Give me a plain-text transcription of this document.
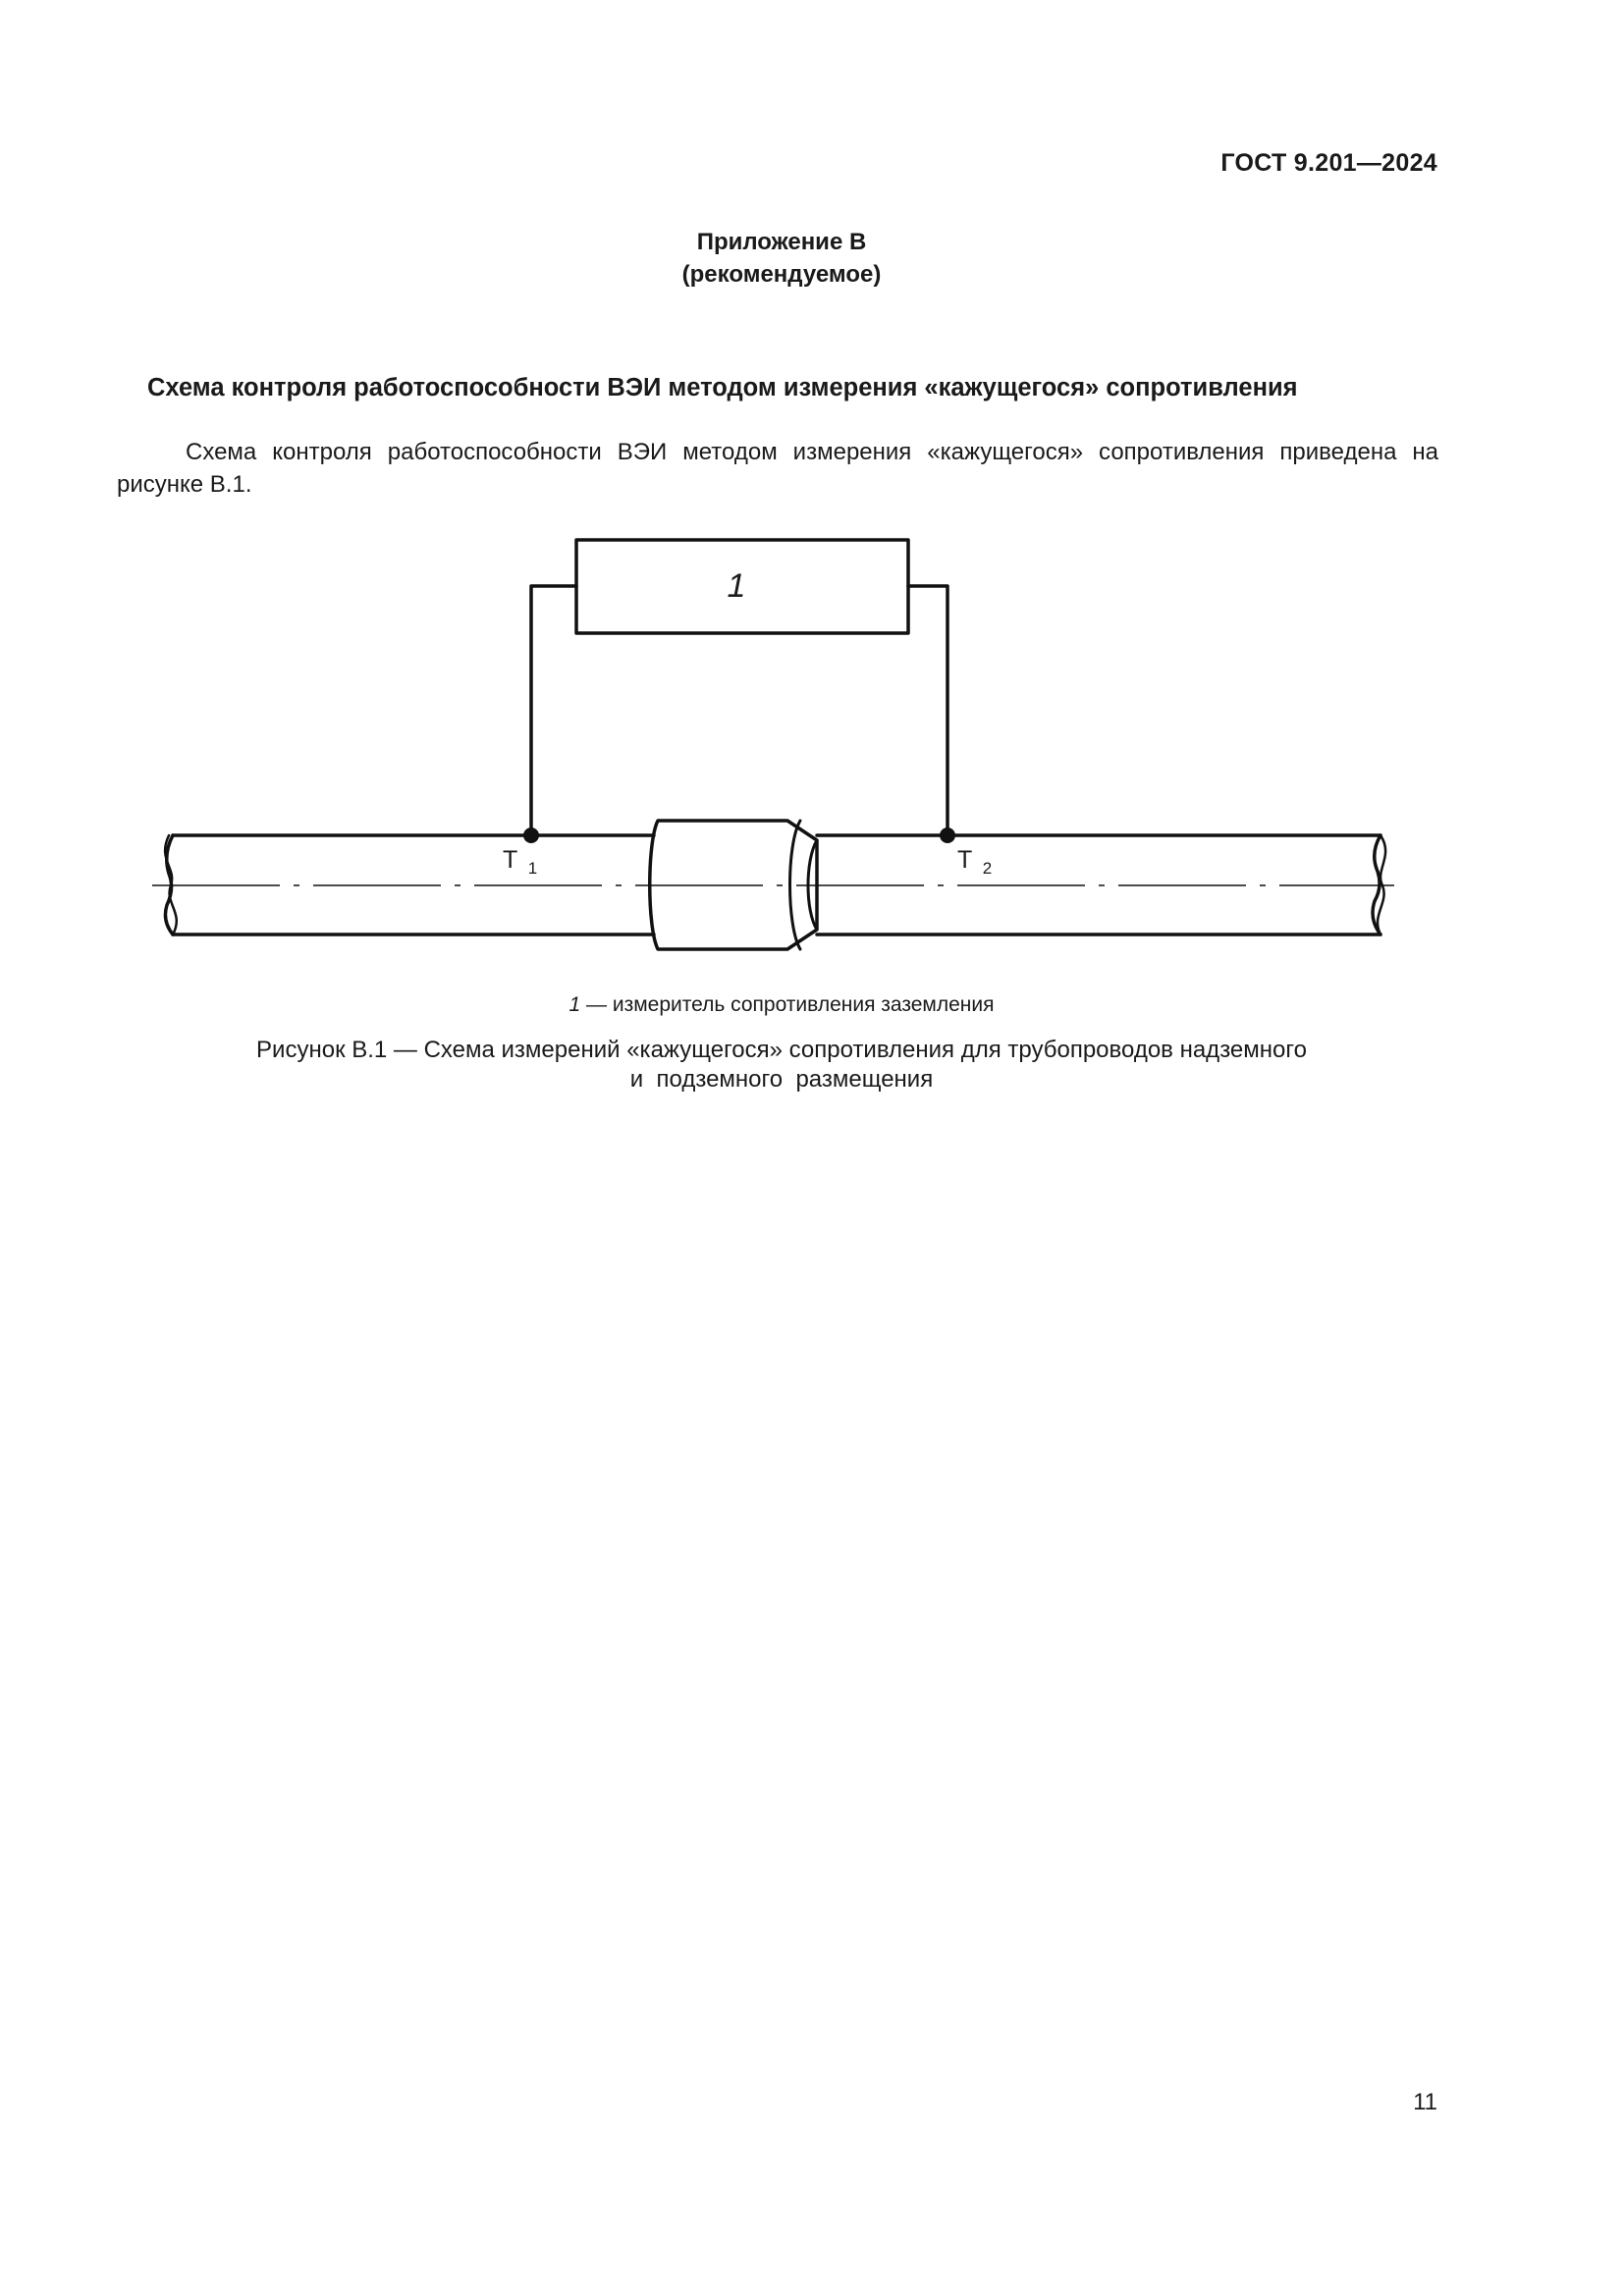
ГОСТ 9.201—2024
Приложение В
(рекомендуемое)
Схема контроля работоспособности ВЭИ методом измерения «кажущегося» сопротивления
Схема контроля работоспособности ВЭИ методом измерения «кажущегося» сопротивления приведена на рисунке В.1.
1
T $_1$	T $_2$
1 — измеритель сопротивления заземления
Рисунок В.1 — Схема измерений «кажущегося» сопротивления для трубопроводов надземного
и  подземного  размещения
11
